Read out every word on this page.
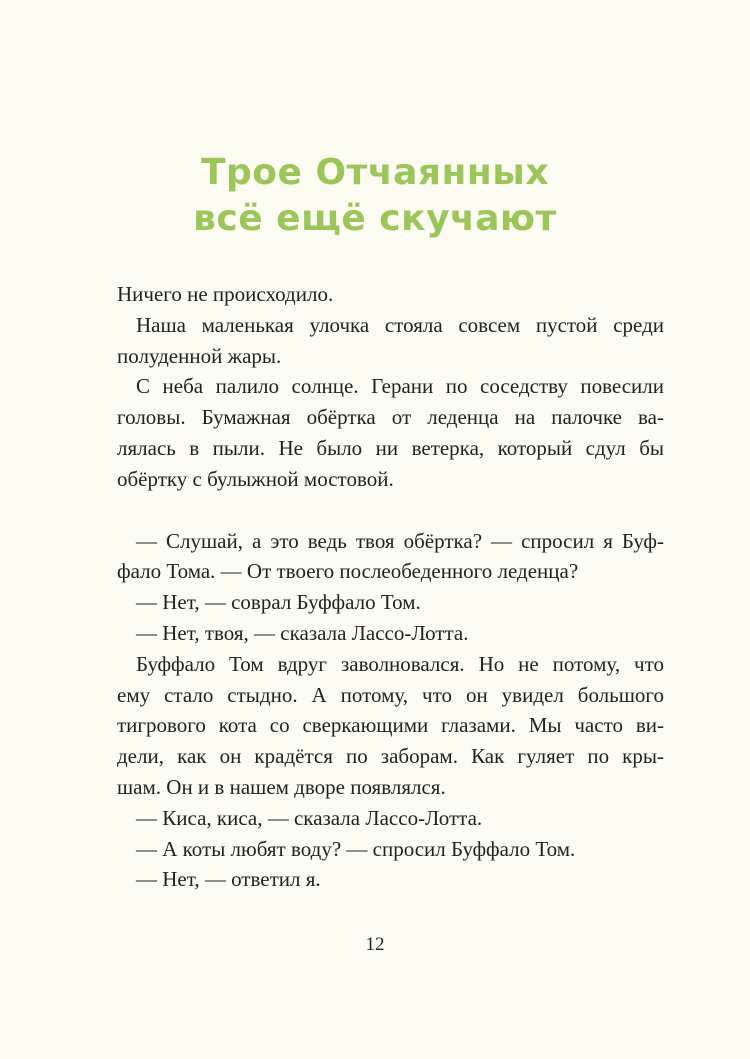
Трое Отчаянных
всё ещё скучают
Ничего не происходило.
Наша маленькая улочка стояла совсем пустой среди
полуденной жары.
С неба палило солнце. Герани по соседству повесили
головы. Бумажная обёртка от леденца на палочке ва-
лялась в пыли. Не было ни ветерка, который сдул бы
обёртку с булыжной мостовой.
— Слушай, а это ведь твоя обёртка? — спросил я Буф-
фало Тома. — От твоего послеобеденного леденца?
— Нет, — соврал Буффало Том.
— Нет, твоя, — сказала Лассо-Лотта.
Буффало Том вдруг заволновался. Но не потому, что
ему стало стыдно. А потому, что он увидел большого
тигрового кота со сверкающими глазами. Мы часто ви-
дели, как он крадётся по заборам. Как гуляет по кры-
шам. Он и в нашем дворе появлялся.
— Киса, киса, — сказала Лассо-Лотта.
— А коты любят воду? — спросил Буффало Том.
— Нет, — ответил я.
12
